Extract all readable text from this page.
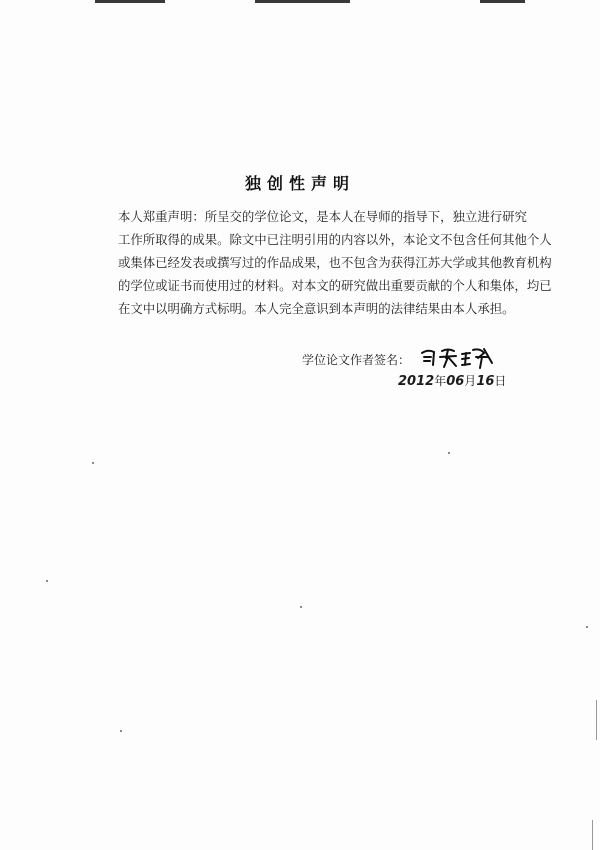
独创性声明
本人郑重声明：所呈交的学位论文，是本人在导师的指导下，独立进行研究
工作所取得的成果。除文中已注明引用的内容以外，本论文不包含任何其他个人
或集体已经发表或撰写过的作品成果，也不包含为获得江苏大学或其他教育机构
的学位或证书而使用过的材料。对本文的研究做出重要贡献的个人和集体，均已
在文中以明确方式标明。本人完全意识到本声明的法律结果由本人承担。
学位论文作者签名：
2012年06月16日
